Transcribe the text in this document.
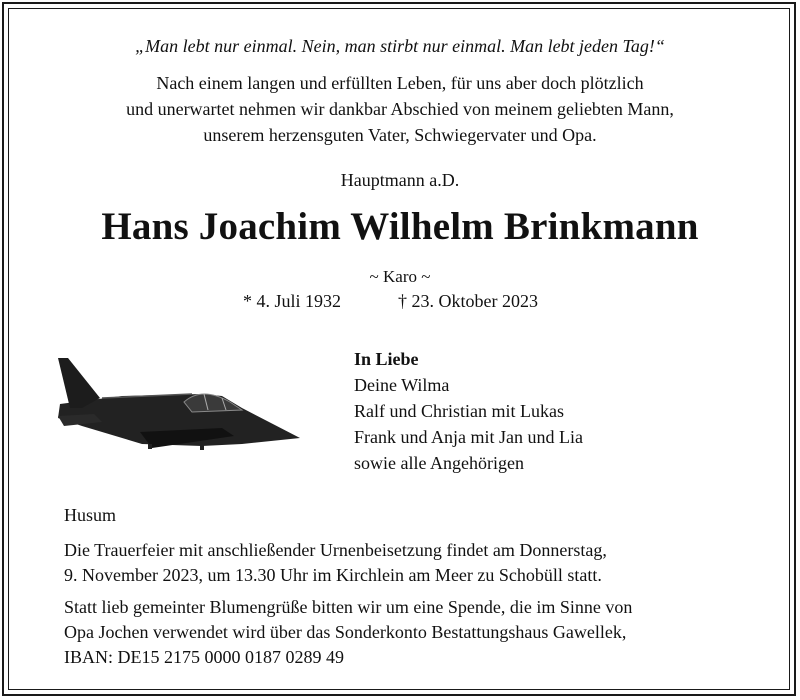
„Man lebt nur einmal. Nein, man stirbt nur einmal. Man lebt jeden Tag!“
Nach einem langen und erfüllten Leben, für uns aber doch plötzlich
und unerwartet nehmen wir dankbar Abschied von meinem geliebten Mann,
unserem herzensguten Vater, Schwiegervater und Opa.
Hauptmann a.D.
Hans Joachim Wilhelm Brinkmann
~ Karo ~
* 4. Juli 1932	† 23. Oktober 2023
In Liebe
Deine Wilma
Ralf und Christian mit Lukas
Frank und Anja mit Jan und Lia
sowie alle Angehörigen
Husum
Die Trauerfeier mit anschließender Urnenbeisetzung findet am Donnerstag,
9. November 2023, um 13.30 Uhr im Kirchlein am Meer zu Schobüll statt.
Statt lieb gemeinter Blumengrüße bitten wir um eine Spende, die im Sinne von
Opa Jochen verwendet wird über das Sonderkonto Bestattungshaus Gawellek,
IBAN: DE15 2175 0000 0187 0289 49
